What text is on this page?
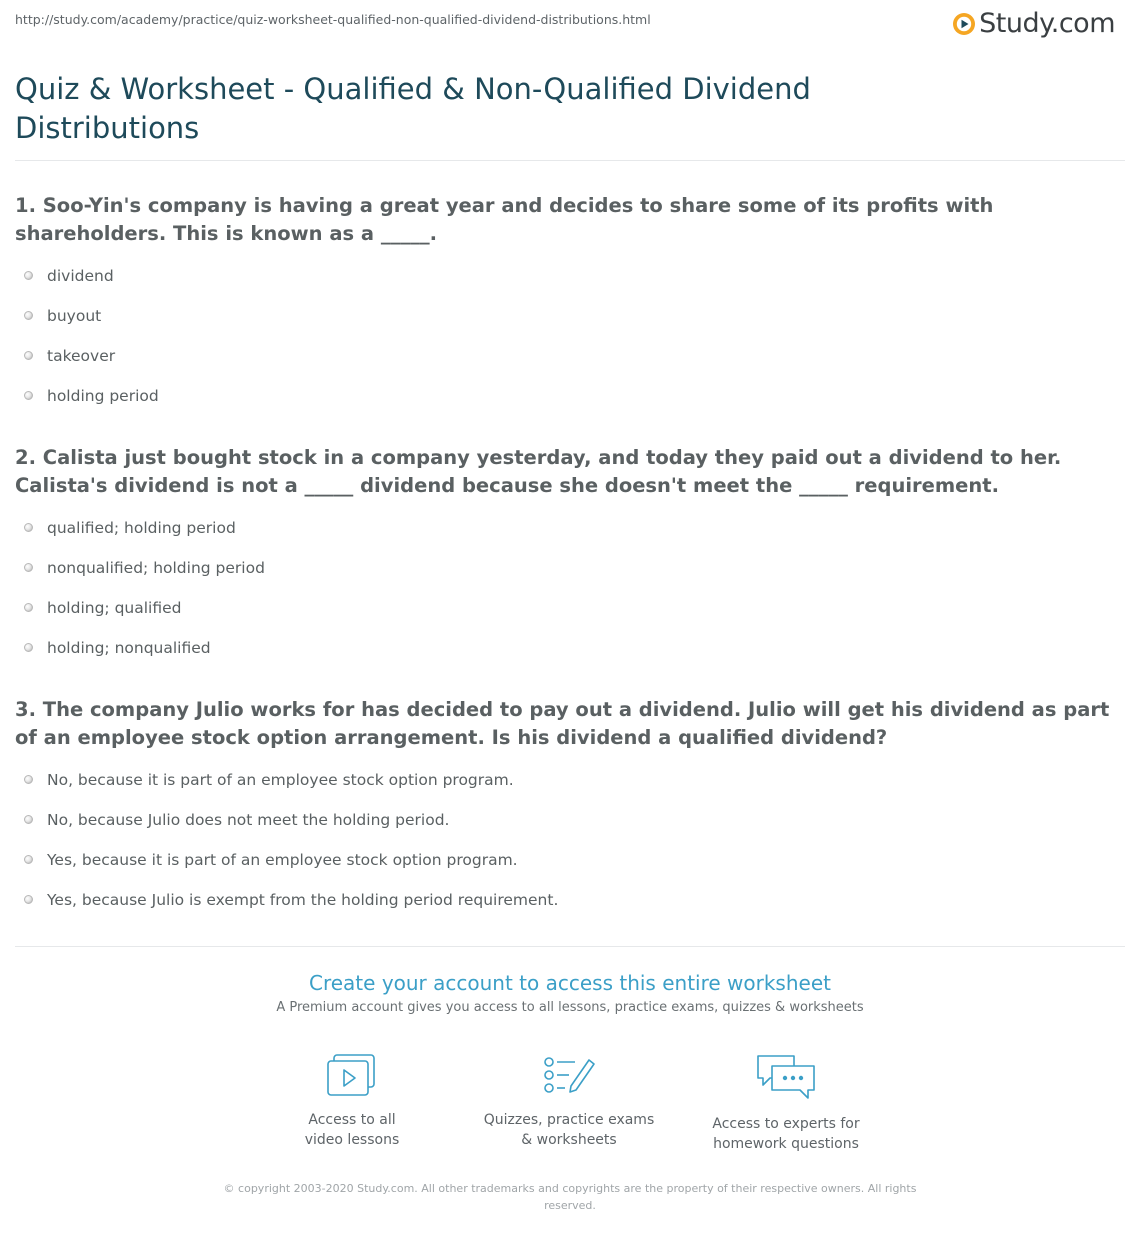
http://study.com/academy/practice/quiz-worksheet-qualified-non-qualified-dividend-distributions.html	Study.com
Quiz & Worksheet - Qualified & Non-Qualified Dividend Distributions

1. Soo-Yin's company is having a great year and decides to share some of its profits with shareholders. This is known as a _____.

dividend
buyout
takeover
holding period

2. Calista just bought stock in a company yesterday, and today they paid out a dividend to her. Calista's dividend is not a _____ dividend because she doesn't meet the _____ requirement.

qualified; holding period
nonqualified; holding period
holding; qualified
holding; nonqualified

3. The company Julio works for has decided to pay out a dividend. Julio will get his dividend as part of an employee stock option arrangement. Is his dividend a qualified dividend?

No, because it is part of an employee stock option program.
No, because Julio does not meet the holding period.
Yes, because it is part of an employee stock option program.
Yes, because Julio is exempt from the holding period requirement.

Create your account to access this entire worksheet

A Premium account gives you access to all lessons, practice exams, quizzes & worksheets
Access to all
video lessons
Quizzes, practice exams
& worksheets
Access to experts for
homework questions
© copyright 2003-2020 Study.com. All other trademarks and copyrights are the property of their respective owners. All rights reserved.
